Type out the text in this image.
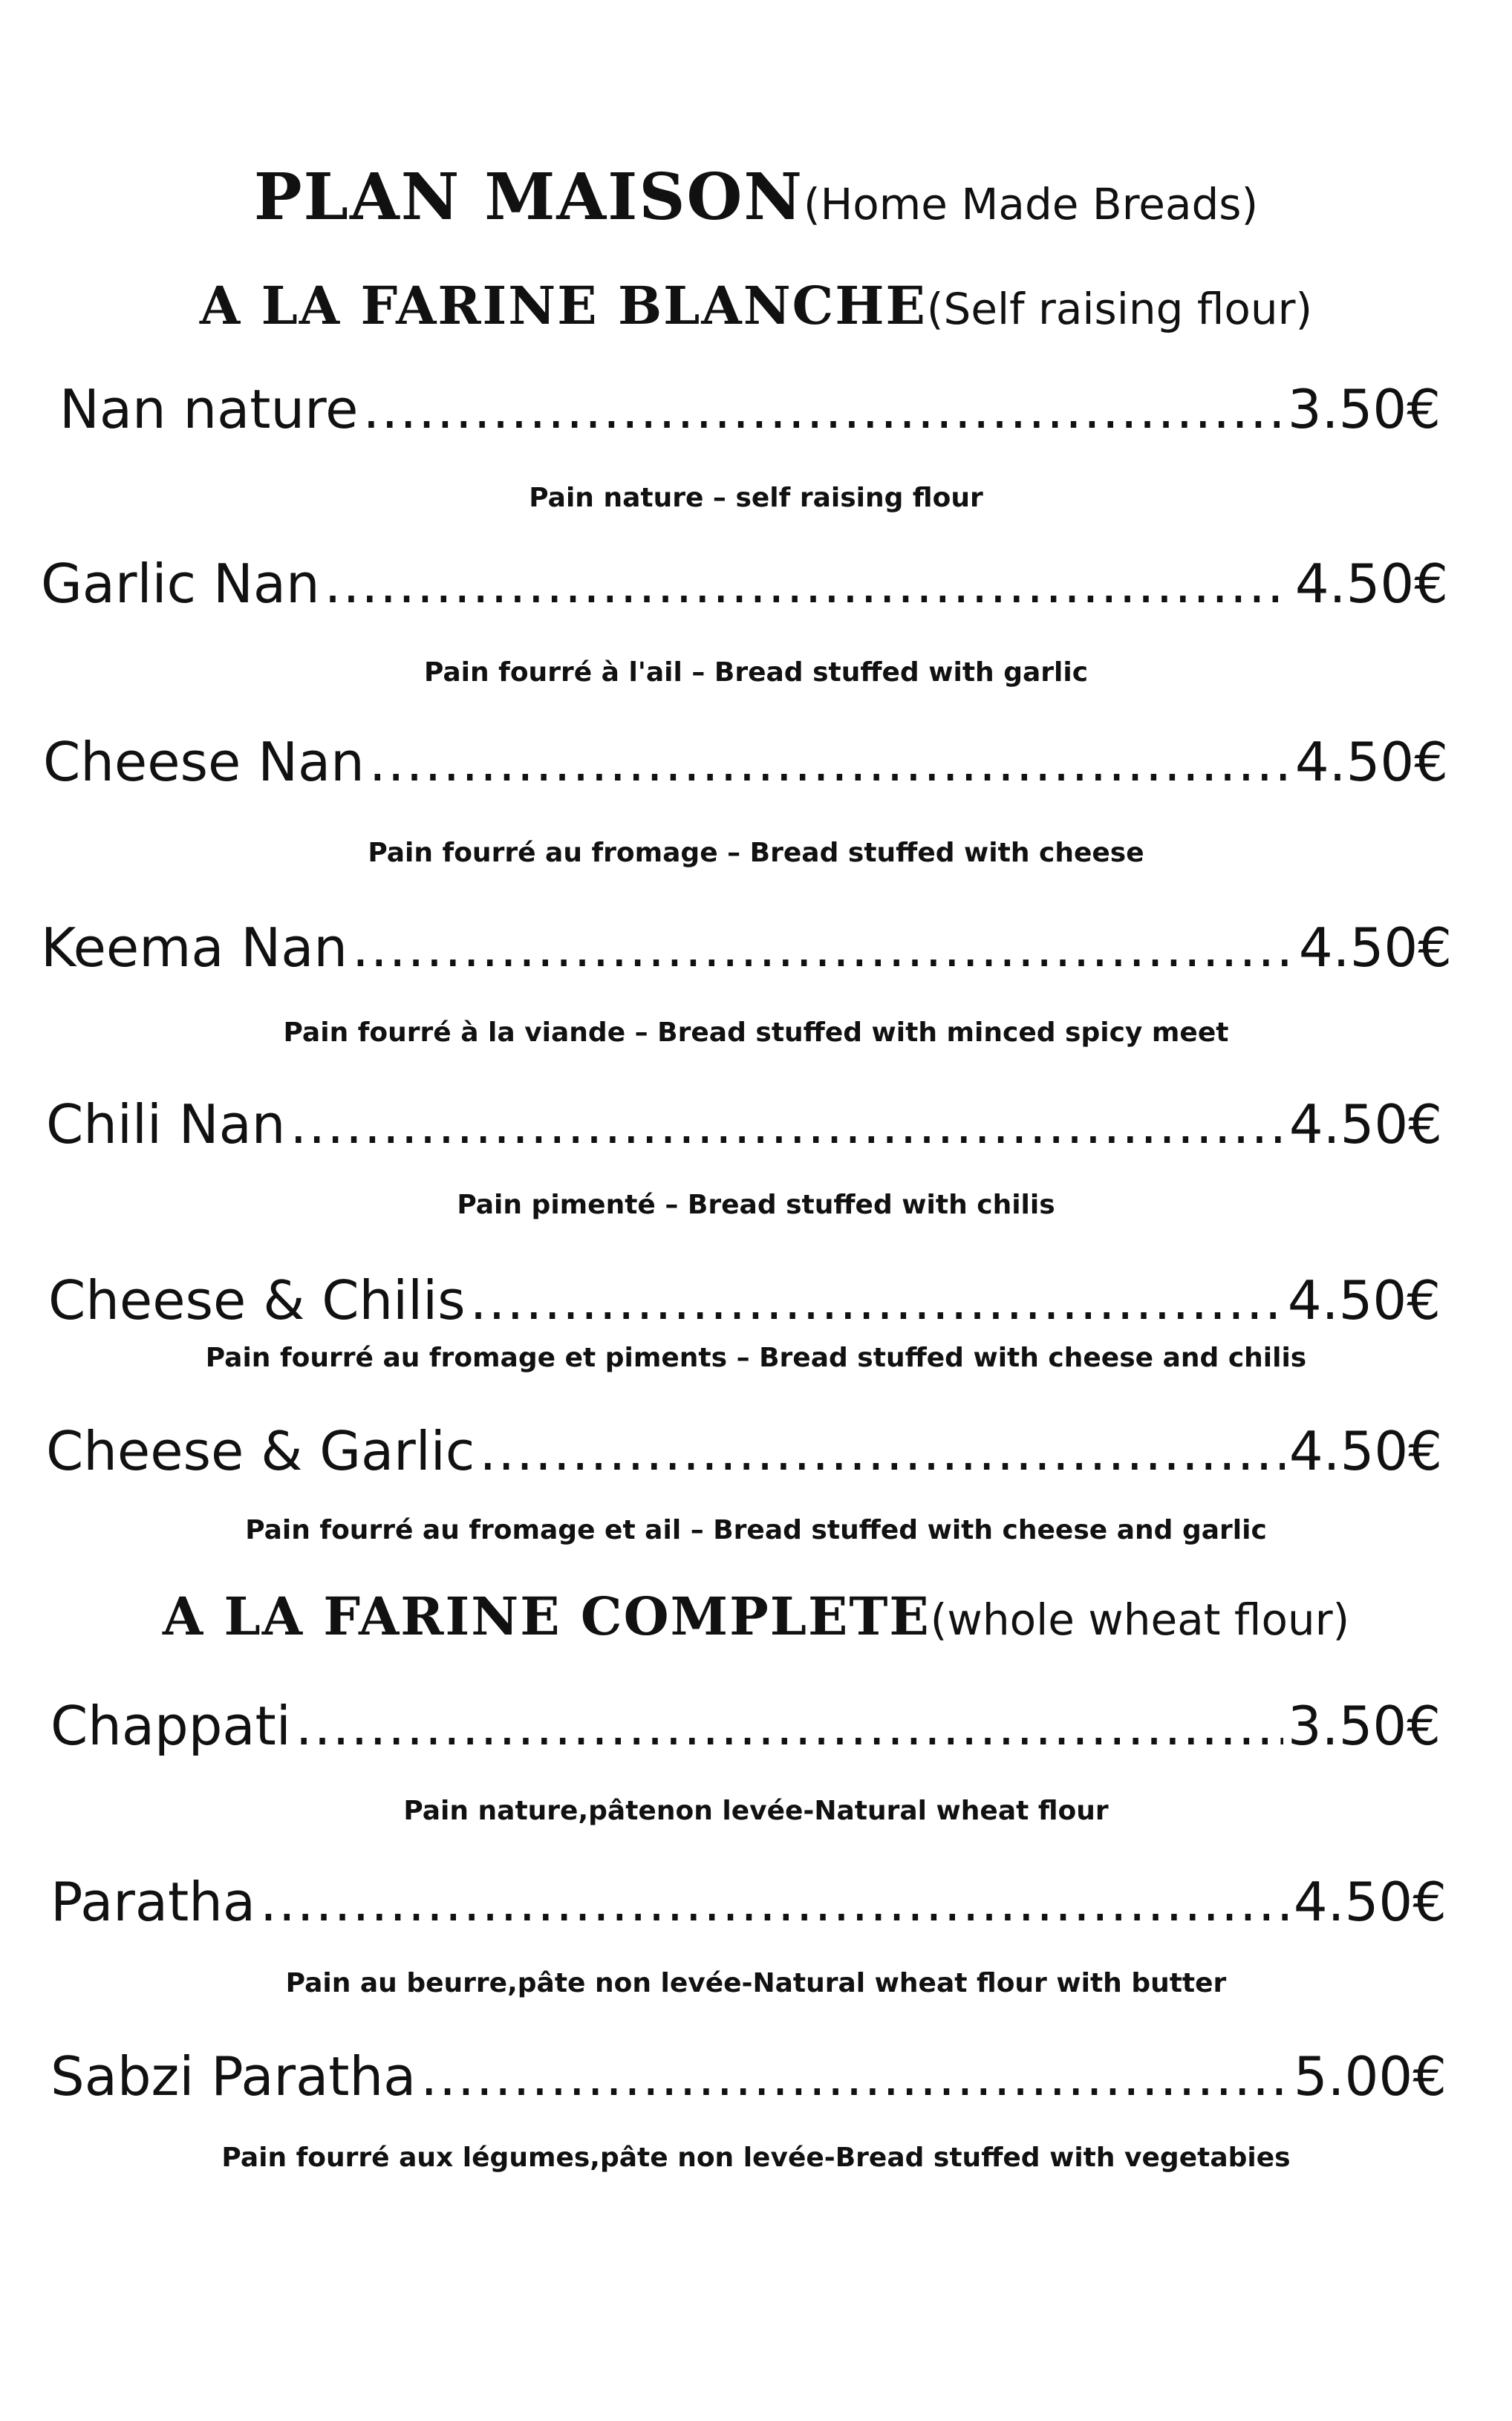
PLAN MAISON(Home Made Breads)
A LA FARINE BLANCHE(Self raising flour)
Nan nature .....	3.50€
Pain nature – self raising flour
Garlic Nan .....	4.50€
Pain fourré à l'ail – Bread stuffed with garlic
Cheese Nan .....	4.50€
Pain fourré au fromage – Bread stuffed with cheese
Keema Nan .....	4.50€
Pain fourré à la viande – Bread stuffed with minced spicy meet
Chili Nan .....	4.50€
Pain pimenté – Bread stuffed with chilis
Cheese & Chilis .....	4.50€
Pain fourré au fromage et piments – Bread stuffed with cheese and chilis
Cheese & Garlic .....	4.50€
Pain fourré au fromage et ail – Bread stuffed with cheese and garlic
A LA FARINE COMPLETE(whole wheat flour)
Chappati .....	3.50€
Pain nature,pâtenon levée-Natural wheat flour
Paratha .....	4.50€
Pain au beurre,pâte non levée-Natural wheat flour with butter
Sabzi Paratha .....	5.00€
Pain fourré aux légumes,pâte non levée-Bread stuffed with vegetabies
